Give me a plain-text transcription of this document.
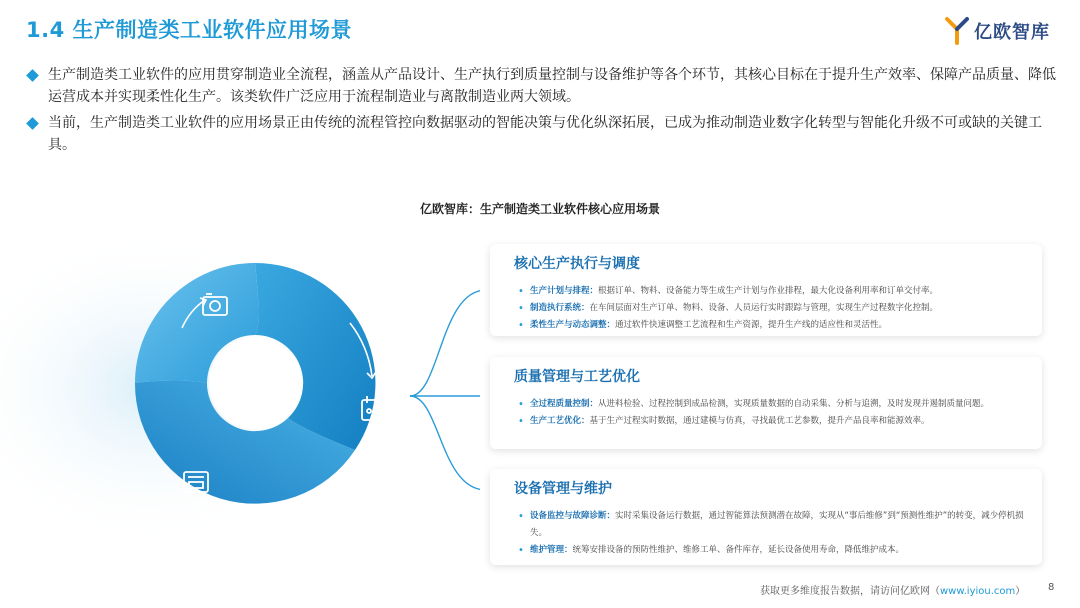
1.4 生产制造类工业软件应用场景	亿欧智库
生产制造类工业软件的应用贯穿制造业全流程，涵盖从产品设计、生产执行到质量控制与设备维护等各个环节，其核心目标在于提升生产效率、保障产品质量、降低运营成本并实现柔性化生产。该类软件广泛应用于流程制造业与离散制造业两大领域。
当前，生产制造类工业软件的应用场景正由传统的流程管控向数据驱动的智能决策与优化纵深拓展，已成为推动制造业数字化转型与智能化升级不可或缺的关键工具。
亿欧智库：生产制造类工业软件核心应用场景
核心生产执行与调度
• 生产计划与排程：根据订单、物料、设备能力等生成生产计划与作业排程，最大化设备利用率和订单交付率。
• 制造执行系统：在车间层面对生产订单、物料、设备、人员运行实时跟踪与管理，实现生产过程数字化控制。
• 柔性生产与动态调整：通过软件快速调整工艺流程和生产资源，提升生产线的适应性和灵活性。
质量管理与工艺优化
• 全过程质量控制：从进料检验、过程控制到成品检测，实现质量数据的自动采集、分析与追溯，及时发现并遏制质量问题。
• 生产工艺优化：基于生产过程实时数据，通过建模与仿真，寻找最优工艺参数，提升产品良率和能源效率。
设备管理与维护
• 设备监控与故障诊断：实时采集设备运行数据，通过智能算法预测潜在故障，实现从“事后维修”到“预测性维护”的转变，减少停机损失。
• 维护管理：统筹安排设备的预防性维护、维修工单、备件库存，延长设备使用寿命，降低维护成本。
获取更多维度报告数据，请访问亿欧网（www.iyiou.com） 8
